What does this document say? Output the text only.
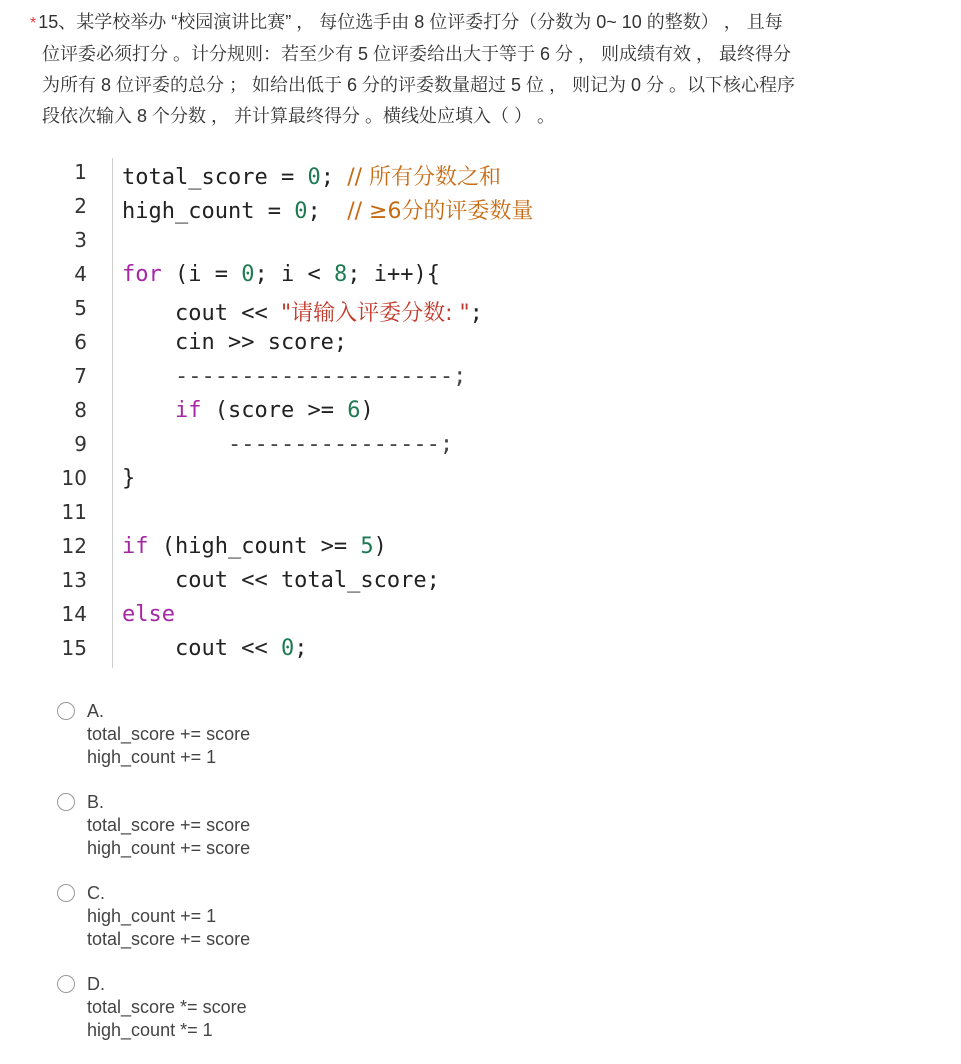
* 15、某学校举办 “校园演讲比赛” ， 每位选手由 8 位评委打分（分数为 0~ 10 的整数） ， 且每
位评委必须打分 。计分规则：若至少有 5 位评委给出大于等于 6 分 ， 则成绩有效 ， 最终得分
为所有 8 位评委的总分 ； 如给出低于 6 分的评委数量超过 5 位 ， 则记为 0 分 。以下核心程序
段依次输入 8 个分数 ， 并计算最终得分 。横线处应填入（ ） 。
1
2
3
4
5
6
7
8
9
10
11
12
13
14
15
total_score = 0; // 所有分数之和
high_count = 0;  // ≥6分的评委数量
for (i = 0; i < 8; i++){
cout << "请输入评委分数: ";
cin >> score;
---------------------;
if (score >= 6)
----------------;
}
if (high_count >= 5)
cout << total_score;
else
cout << 0;
A.
total_score += score
high_count += 1
B.
total_score += score
high_count += score
C.
high_count += 1
total_score += score
D.
total_score *= score
high_count *= 1
